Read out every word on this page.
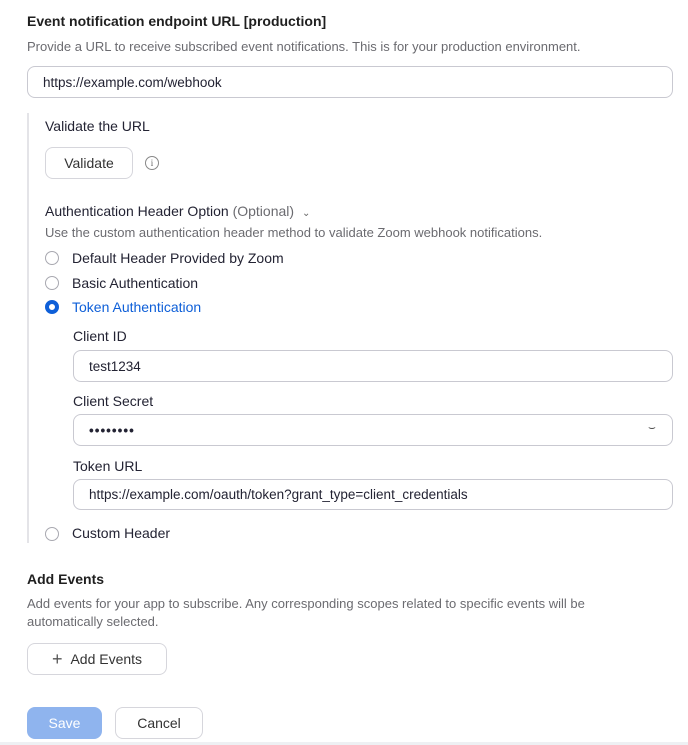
Event notification endpoint URL [production]
Provide a URL to receive subscribed event notifications. This is for your production environment.
https://example.com/webhook
Validate the URL
Validate	i
Authentication Header Option (Optional) ⌄
Use the custom authentication header method to validate Zoom webhook notifications.
Default Header Provided by Zoom
Basic Authentication
Token Authentication
Client ID
test1234
Client Secret
••••••••	⌣
Token URL
https://example.com/oauth/token?grant_type=client_credentials
Custom Header
Add Events
Add events for your app to subscribe. Any corresponding scopes related to specific events will be
automatically selected.
+ Add Events
Save	Cancel
